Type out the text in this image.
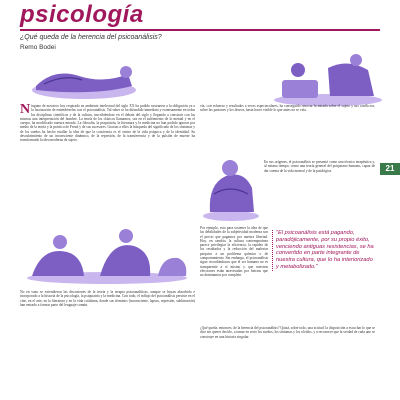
psicología
¿Qué queda de la herencia del psicoanálisis?
Remo Bodei
N inguno de nosotros hoy respirado en ambiente intelectual del siglo XX ha podido sustraerse a la obligación ya a la fascinación de entendérselas con el psicoanálisis. Tal saber se ha difundido inmediata y extensamente en todas las disciplinas científicas y de la cultura, inscribiéndose en el debate del siglo y llegando a construir con las mismas una interpretación del hombre. La teoría de los clásicos llamamos, sea en el sufrimiento de lo mental y en el cuerpo, ha modificado nuestra mirada. La filosofía, la psiquiatría, la literatura y la medicina no han podido ignorar por medio de la teoría y la práctica de Freud y de sus sucesores. Gracias a ellos la búsqueda del significado de los síntomas y de los sueños ha hecho estallar la idea de que la conciencia es el centro de la vida psíquica y de la identidad. Su descubrimiento de un inconsciente dinámico, de la represión, de la transferencia y de la pulsión de muerte ha transformado la idea moderna de sujeto.
No en vano se extendieron las discusiones de la teoría y la terapia psicoanalíticas, aunque se hayan absorbido e incorporado a la historia de la psicología, la psiquiatría y la medicina. Con todo, el influjo del psicoanálisis persiste en el cine, en el arte, en la literatura y en la vida cotidiana, donde sus términos (inconsciente, lapsus, represión, sublimación) han entrado a formar parte del lenguaje común.
vía, con esfuerzo y resultados a veces espectaculares, ha conseguido renovar la mirada sobre el sujeto y sus conflictos, sobre las pasiones y los deseos, hasta hacer visible lo que antes no se veía.
En sus orígenes, el psicoanálisis se presentó como una técnica terapéutica y, al mismo tiempo, como una teoría general del psiquismo humano, capaz de dar cuenta de la vida normal y de la patológica.
Por ejemplo, esto para sostener la idea de que las debilidades de la subjetividad moderna son el precio que pagamos por nuestra libertad. Hoy, en cambio, la cultura contemporánea parece privilegiar la eficiencia, la rapidez de los resultados y la reducción del malestar psíquico a un problema químico o de comportamiento. Sin embargo, el psicoanálisis sigue recordándonos que el ser humano no es transparente a sí mismo y que nuestras elecciones están atravesadas por fuerzas que no dominamos por completo.
¿Qué queda, entonces, de la herencia del psicoanálisis? Quizá, sobre todo, una actitud: la disposición a escuchar lo que se dice sin querer decirlo, a tomar en serio los sueños, los síntomas y los olvidos, y a reconocer que la verdad de cada uno se construye en una historia singular.
"El psicoanálisis está pagando, paradójicamente, por su propio éxito, venciendo antiguas resistencias, se ha convertido en parte integrante de nuestra cultura, que lo ha interiorizado y metabolizado."
21
